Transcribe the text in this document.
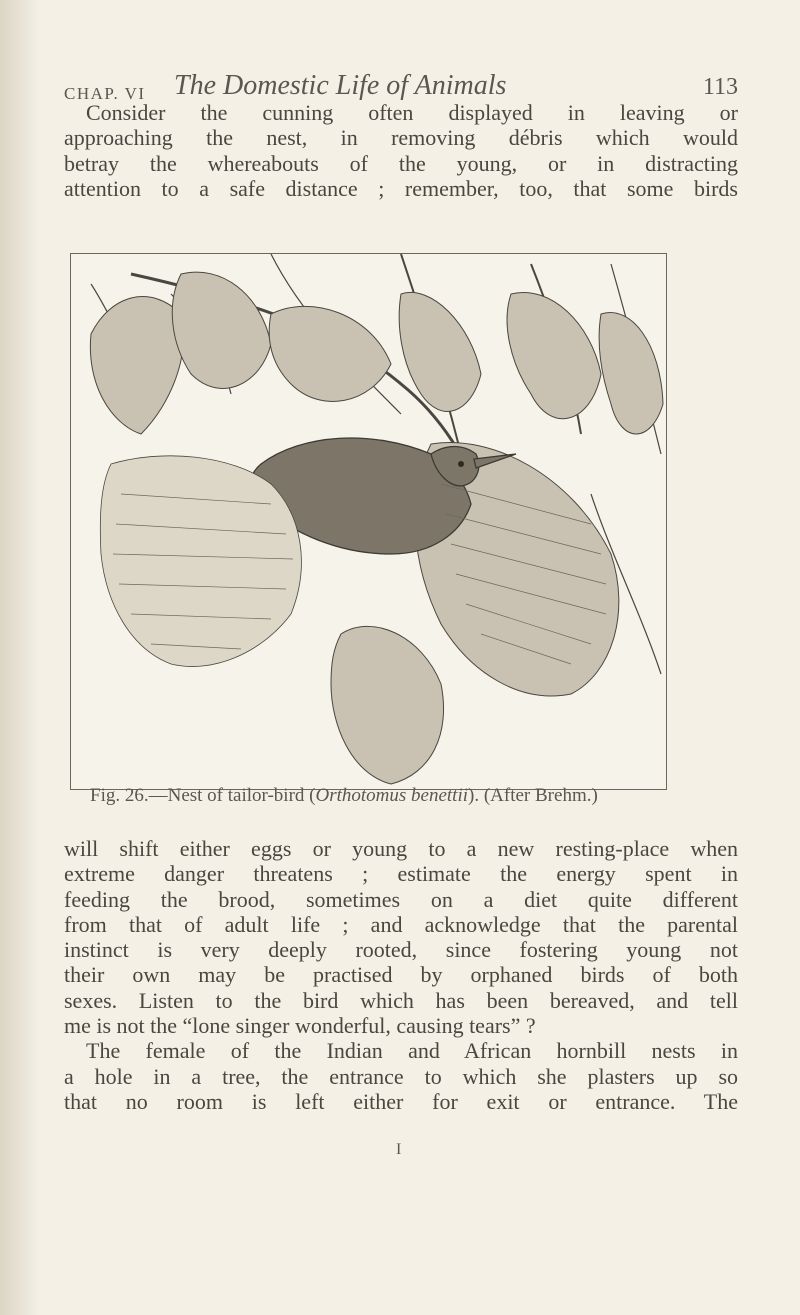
CHAP. VI The Domestic Life of Animals	113

Consider the cunning often displayed in leaving or

approaching the nest, in removing débris which would

betray the whereabouts of the young, or in distracting

attention to a safe distance ; remember, too, that some birds

Fig. 26.—Nest of tailor-bird (Orthotomus benettii). (After Brehm.)

will shift either eggs or young to a new resting-place when

extreme danger threatens ; estimate the energy spent in

feeding the brood, sometimes on a diet quite different

from that of adult life ; and acknowledge that the parental

instinct is very deeply rooted, since fostering young not

their own may be practised by orphaned birds of both

sexes. Listen to the bird which has been bereaved, and tell

me is not the “lone singer wonderful, causing tears” ?

The female of the Indian and African hornbill nests in

a hole in a tree, the entrance to which she plasters up so

that no room is left either for exit or entrance. The

I
